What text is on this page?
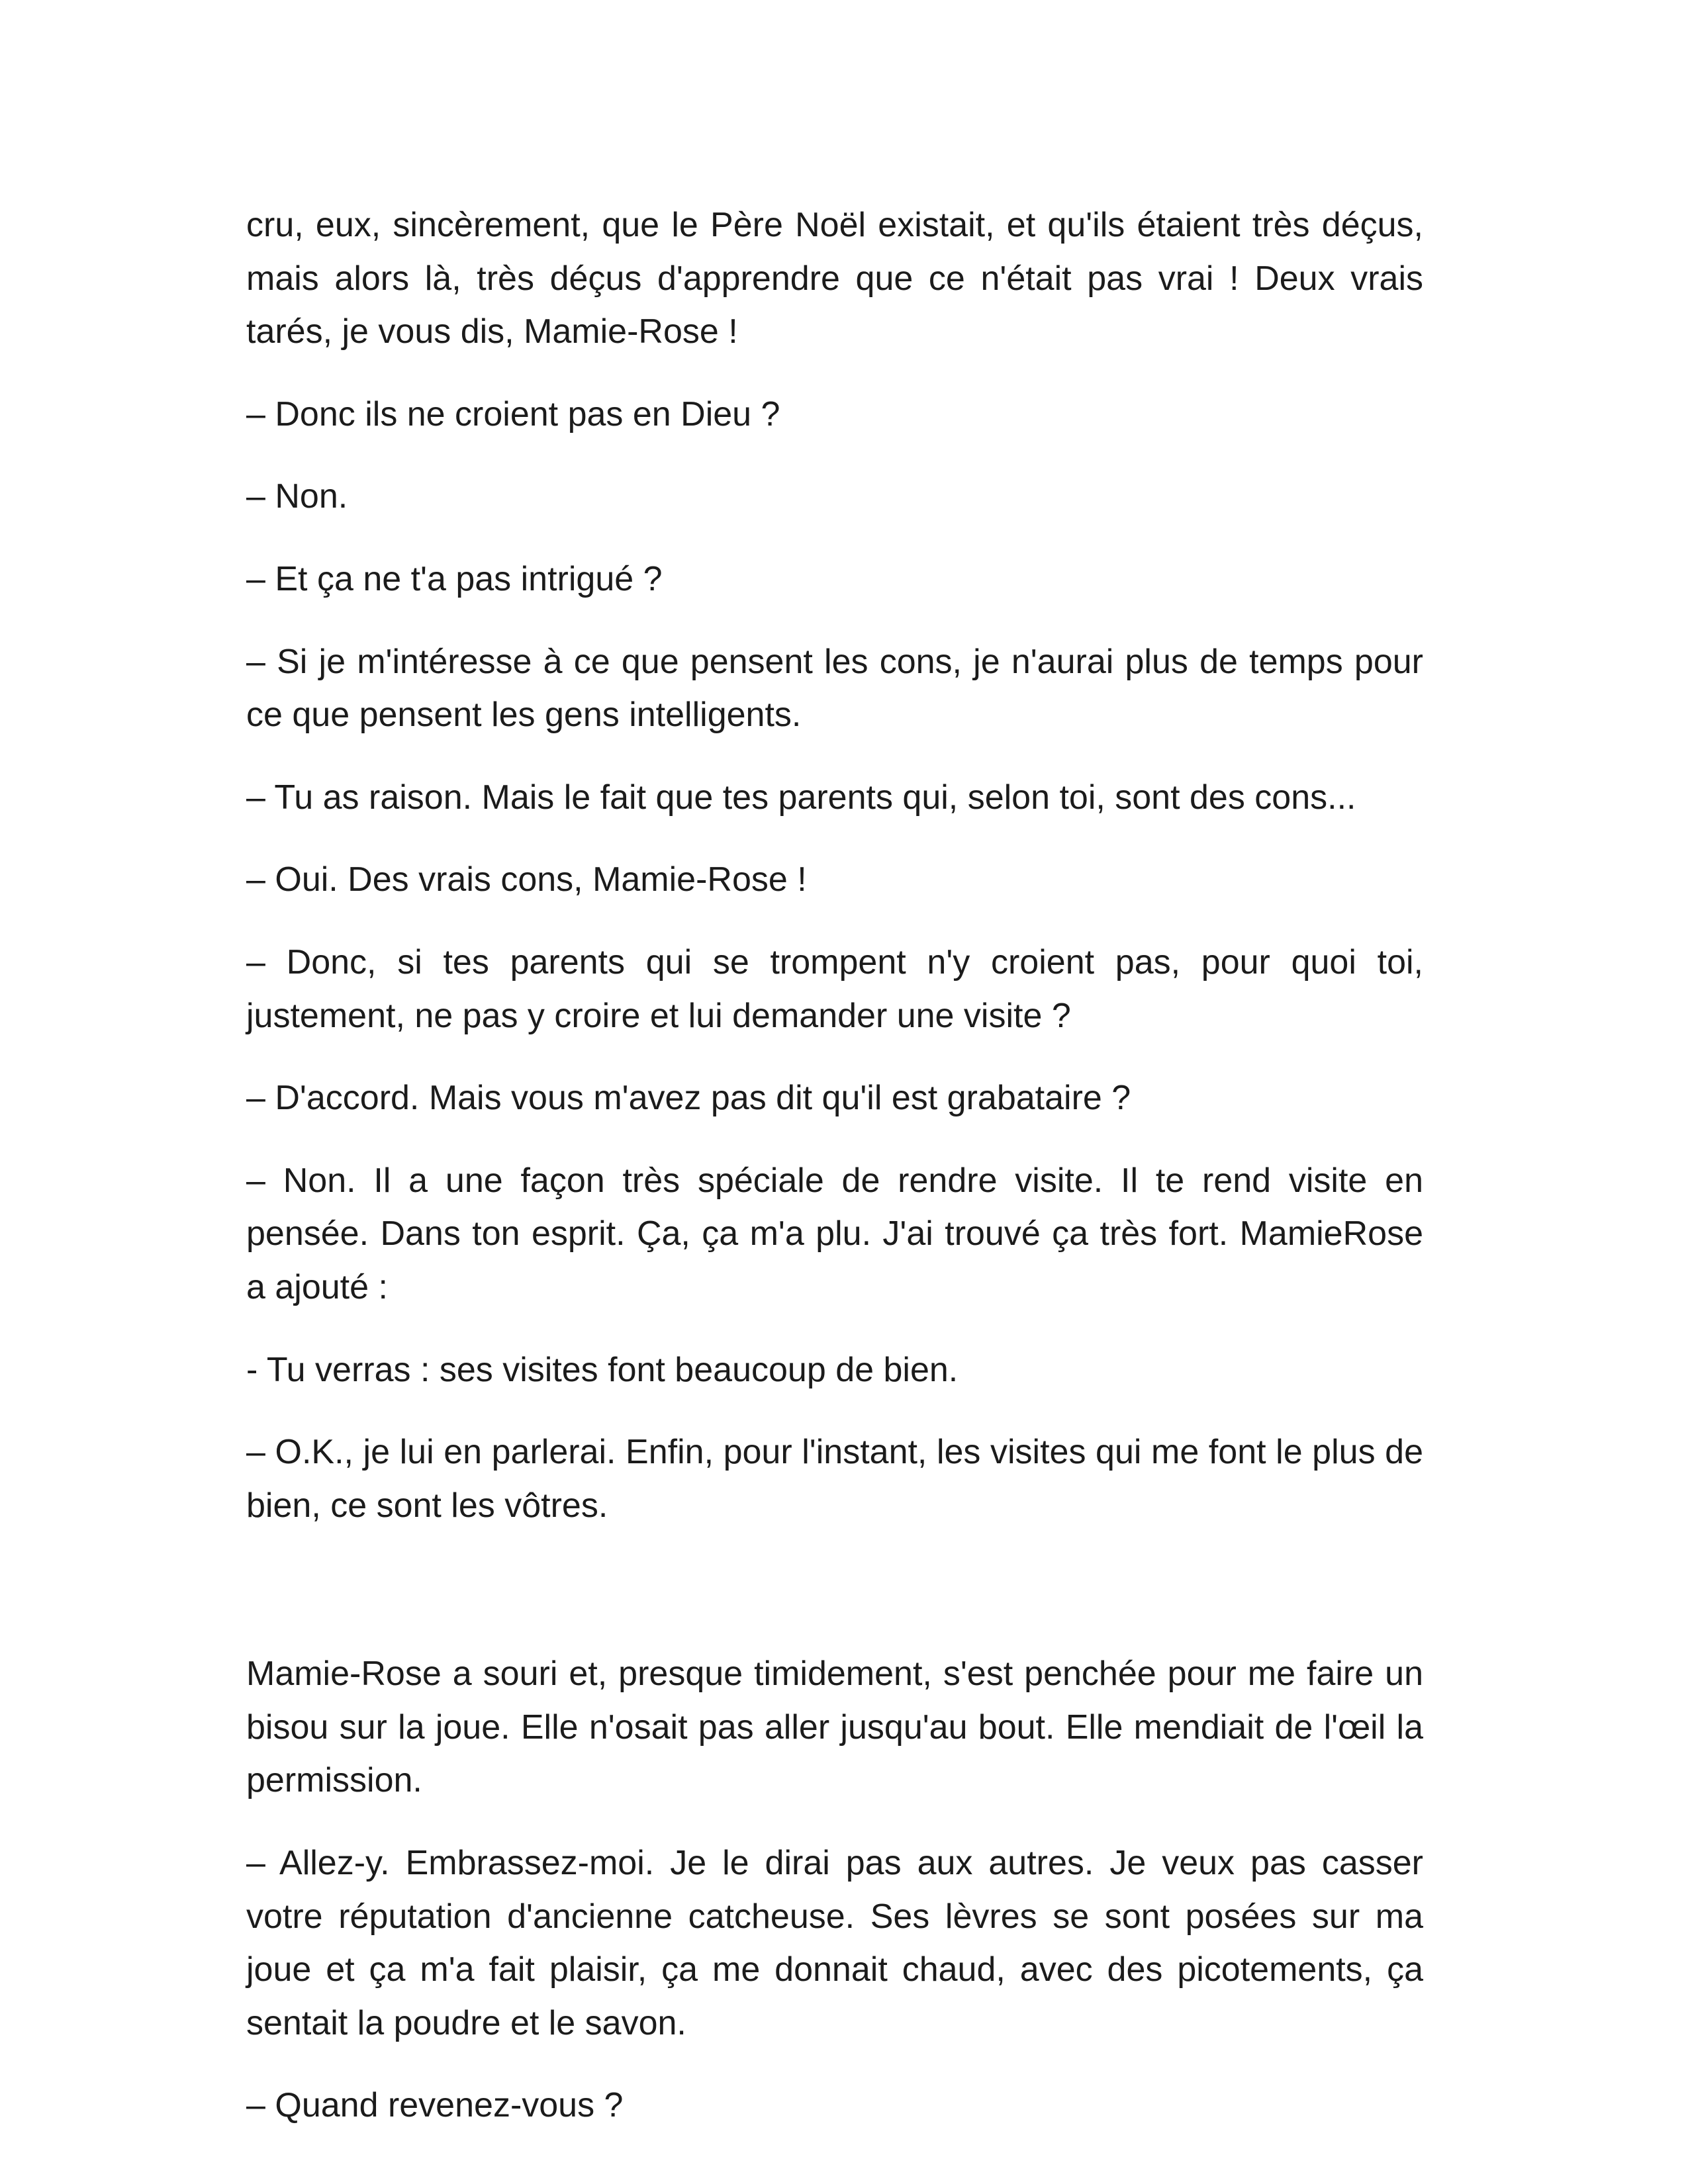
cru, eux, sincèrement, que le Père Noël existait, et qu'ils étaient très déçus, mais alors là, très déçus d'apprendre que ce n'était pas vrai ! Deux vrais tarés, je vous dis, Mamie-Rose !

– Donc ils ne croient pas en Dieu ?

– Non.

– Et ça ne t'a pas intrigué ?

– Si je m'intéresse à ce que pensent les cons, je n'aurai plus de temps pour ce que pensent les gens intelligents.

– Tu as raison. Mais le fait que tes parents qui, selon toi, sont des cons...

– Oui. Des vrais cons, Mamie-Rose !

– Donc, si tes parents qui se trompent n'y croient pas, pour quoi toi, justement, ne pas y croire et lui demander une visite ?

– D'accord. Mais vous m'avez pas dit qu'il est grabataire ?

– Non. Il a une façon très spéciale de rendre visite. Il te rend visite en pensée. Dans ton esprit. Ça, ça m'a plu. J'ai trouvé ça très fort. MamieRose a ajouté :

- Tu verras : ses visites font beaucoup de bien.

– O.K., je lui en parlerai. Enfin, pour l'instant, les visites qui me font le plus de bien, ce sont les vôtres.

Mamie-Rose a souri et, presque timidement, s'est penchée pour me faire un bisou sur la joue. Elle n'osait pas aller jusqu'au bout. Elle mendiait de l'œil la permission.

– Allez-y. Embrassez-moi. Je le dirai pas aux autres. Je veux pas casser votre réputation d'ancienne catcheuse. Ses lèvres se sont posées sur ma joue et ça m'a fait plaisir, ça me donnait chaud, avec des picotements, ça sentait la poudre et le savon.

– Quand revenez-vous ?
